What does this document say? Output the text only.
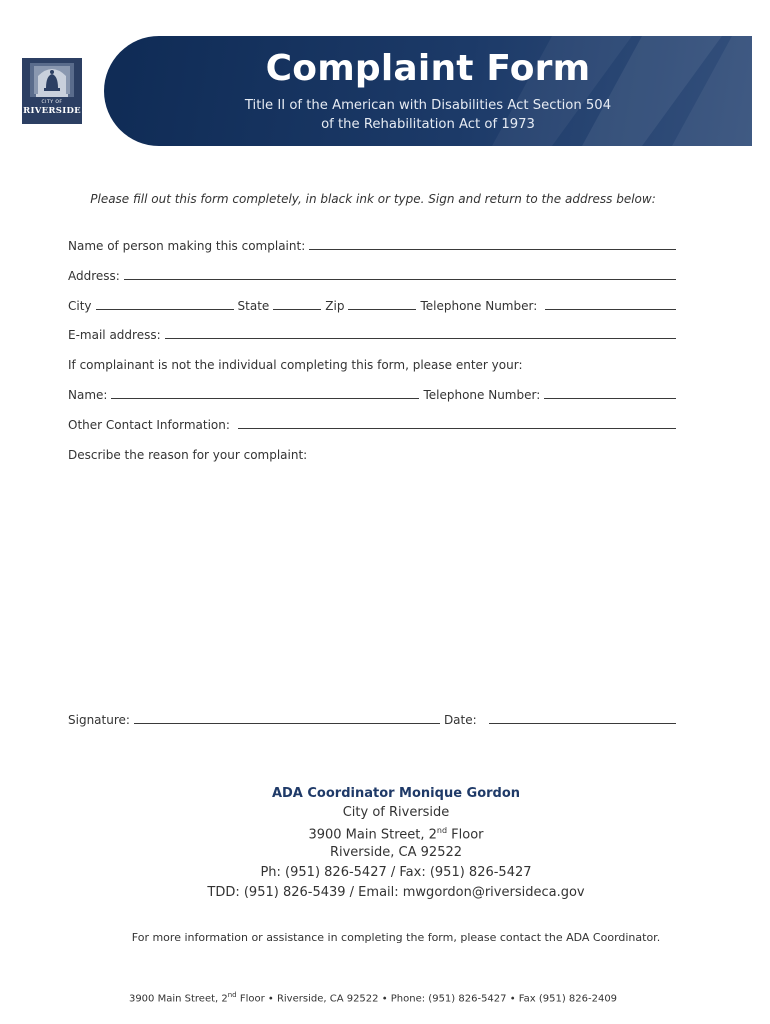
CITY OF
RIVERSIDE
Complaint Form
Title II of the American with Disabilities Act Section 504
of the Rehabilitation Act of 1973
Please fill out this form completely, in black ink or type. Sign and return to the address below:
Name of person making this complaint:
Address:
City	State	Zip	Telephone Number:
E-mail address:
If complainant is not the individual completing this form, please enter your:
Name:	Telephone Number:
Other Contact Information:
Describe the reason for your complaint:
Signature:	Date:
ADA Coordinator Monique Gordon
City of Riverside
3900 Main Street, 2nd Floor
Riverside, CA 92522
Ph: (951) 826-5427 / Fax: (951) 826-5427
TDD: (951) 826-5439 / Email: mwgordon@riversideca.gov
For more information or assistance in completing the form, please contact the ADA Coordinator.
3900 Main Street, 2nd Floor • Riverside, CA 92522 • Phone: (951) 826-5427 • Fax (951) 826-2409
